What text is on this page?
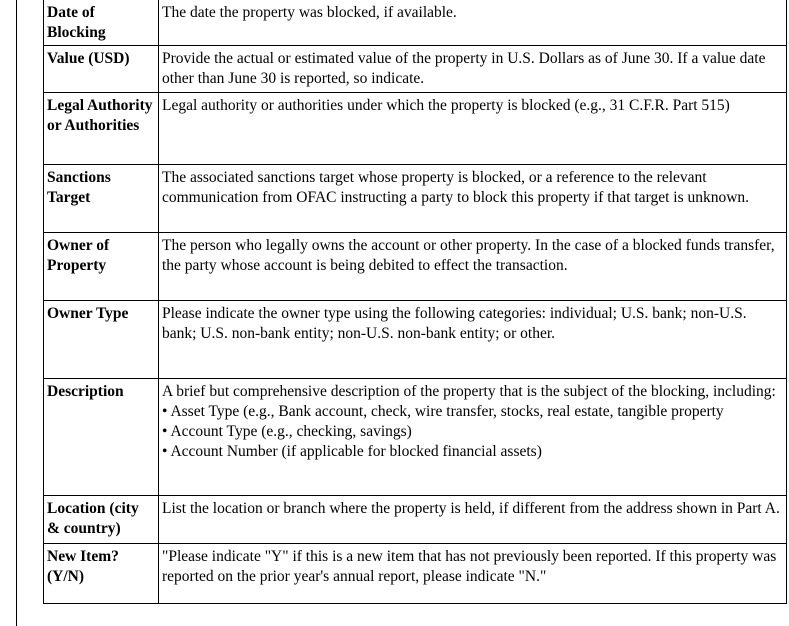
Date of Blocking	The date the property was blocked, if available.
Value (USD)	Provide the actual or estimated value of the property in U.S. Dollars as of June 30. If a value date other than June 30 is reported, so indicate.
Legal Authority or Authorities	Legal authority or authorities under which the property is blocked (e.g., 31 C.F.R. Part 515)
Sanctions Target	The associated sanctions target whose property is blocked, or a reference to the relevant communication from OFAC instructing a party to block this property if that target is unknown.
Owner of Property	The person who legally owns the account or other property. In the case of a blocked funds transfer, the party whose account is being debited to effect the transaction.
Owner Type	Please indicate the owner type using the following categories: individual; U.S. bank; non-U.S. bank; U.S. non-bank entity; non-U.S. non-bank entity; or other.
Description	A brief but comprehensive description of the property that is the subject of the blocking, including:
• Asset Type (e.g., Bank account, check, wire transfer, stocks, real estate, tangible property
• Account Type (e.g., checking, savings)
• Account Number (if applicable for blocked financial assets)

Location (city & country)	List the location or branch where the property is held, if different from the address shown in Part A.
New Item? (Y/N)	"Please indicate "Y" if this is a new item that has not previously been reported. If this property was reported on the prior year's annual report, please indicate "N."
